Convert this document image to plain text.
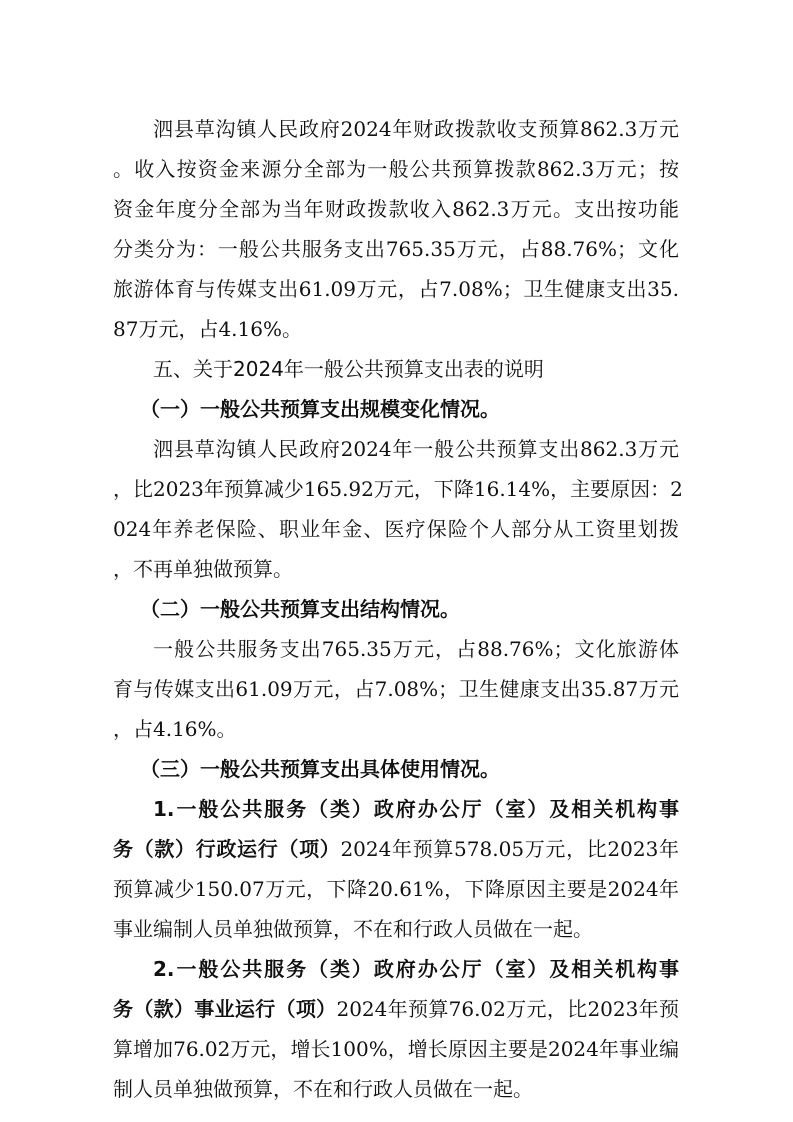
泗县草沟镇人民政府2024年财政拨款收支预算862.3万元
。收入按资金来源分全部为一般公共预算拨款862.3万元；按
资金年度分全部为当年财政拨款收入862.3万元。支出按功能
分类分为：一般公共服务支出765.35万元，占88.76%；文化
旅游体育与传媒支出61.09万元，占7.08%；卫生健康支出35.
87万元，占4.16%。
五、关于2024年一般公共预算支出表的说明
（一）一般公共预算支出规模变化情况。
泗县草沟镇人民政府2024年一般公共预算支出862.3万元
，比2023年预算减少165.92万元，下降16.14%，主要原因：2
024年养老保险、职业年金、医疗保险个人部分从工资里划拨
，不再单独做预算。
（二）一般公共预算支出结构情况。
一般公共服务支出765.35万元，占88.76%；文化旅游体
育与传媒支出61.09万元，占7.08%；卫生健康支出35.87万元
，占4.16%。
（三）一般公共预算支出具体使用情况。
1.一般公共服务（类）政府办公厅（室）及相关机构事
务（款）行政运行（项）2024年预算578.05万元，比2023年
预算减少150.07万元，下降20.61%，下降原因主要是2024年
事业编制人员单独做预算，不在和行政人员做在一起。
2.一般公共服务（类）政府办公厅（室）及相关机构事
务（款）事业运行（项）2024年预算76.02万元，比2023年预
算增加76.02万元，增长100%，增长原因主要是2024年事业编
制人员单独做预算，不在和行政人员做在一起。
